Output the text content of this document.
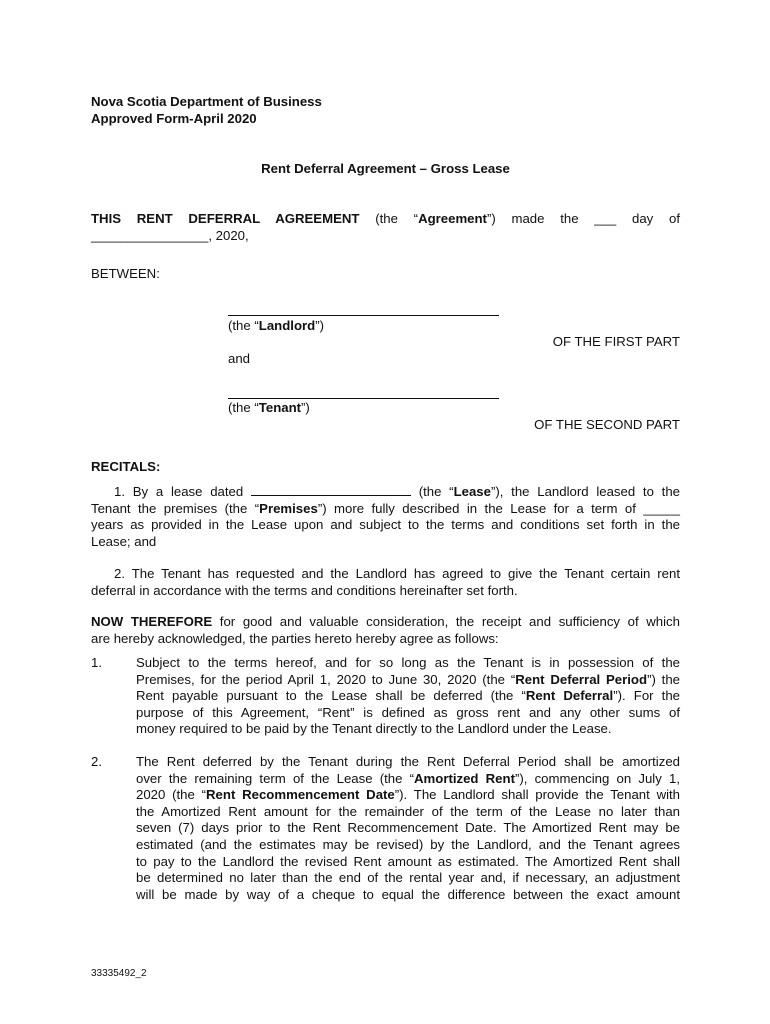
Nova Scotia Department of Business
Approved Form-April 2020
Rent Deferral Agreement – Gross Lease
THIS RENT DEFERRAL AGREEMENT (the “Agreement”) made the ___ day of
________________, 2020,
BETWEEN:
(the “Landlord”)
OF THE FIRST PART
and
(the “Tenant”)
OF THE SECOND PART
RECITALS:
1. By a lease dated	(the “Lease”), the Landlord leased to the
Tenant the premises (the “Premises”) more fully described in the Lease for a term of _____
years as provided in the Lease upon and subject to the terms and conditions set forth in the
Lease; and
2. The Tenant has requested and the Landlord has agreed to give the Tenant certain rent
deferral in accordance with the terms and conditions hereinafter set forth.
NOW THEREFORE for good and valuable consideration, the receipt and sufficiency of which
are hereby acknowledged, the parties hereto hereby agree as follows:
1.	Subject to the terms hereof, and for so long as the Tenant is in possession of the
Premises, for the period April 1, 2020 to June 30, 2020 (the “Rent Deferral Period”) the
Rent payable pursuant to the Lease shall be deferred (the “Rent Deferral”). For the
purpose of this Agreement, “Rent” is defined as gross rent and any other sums of
money required to be paid by the Tenant directly to the Landlord under the Lease.
2.	The Rent deferred by the Tenant during the Rent Deferral Period shall be amortized
over the remaining term of the Lease (the “Amortized Rent”), commencing on July 1,
2020 (the “Rent Recommencement Date”). The Landlord shall provide the Tenant with
the Amortized Rent amount for the remainder of the term of the Lease no later than
seven (7) days prior to the Rent Recommencement Date. The Amortized Rent may be
estimated (and the estimates may be revised) by the Landlord, and the Tenant agrees
to pay to the Landlord the revised Rent amount as estimated. The Amortized Rent shall
be determined no later than the end of the rental year and, if necessary, an adjustment
will be made by way of a cheque to equal the difference between the exact amount
33335492_2
